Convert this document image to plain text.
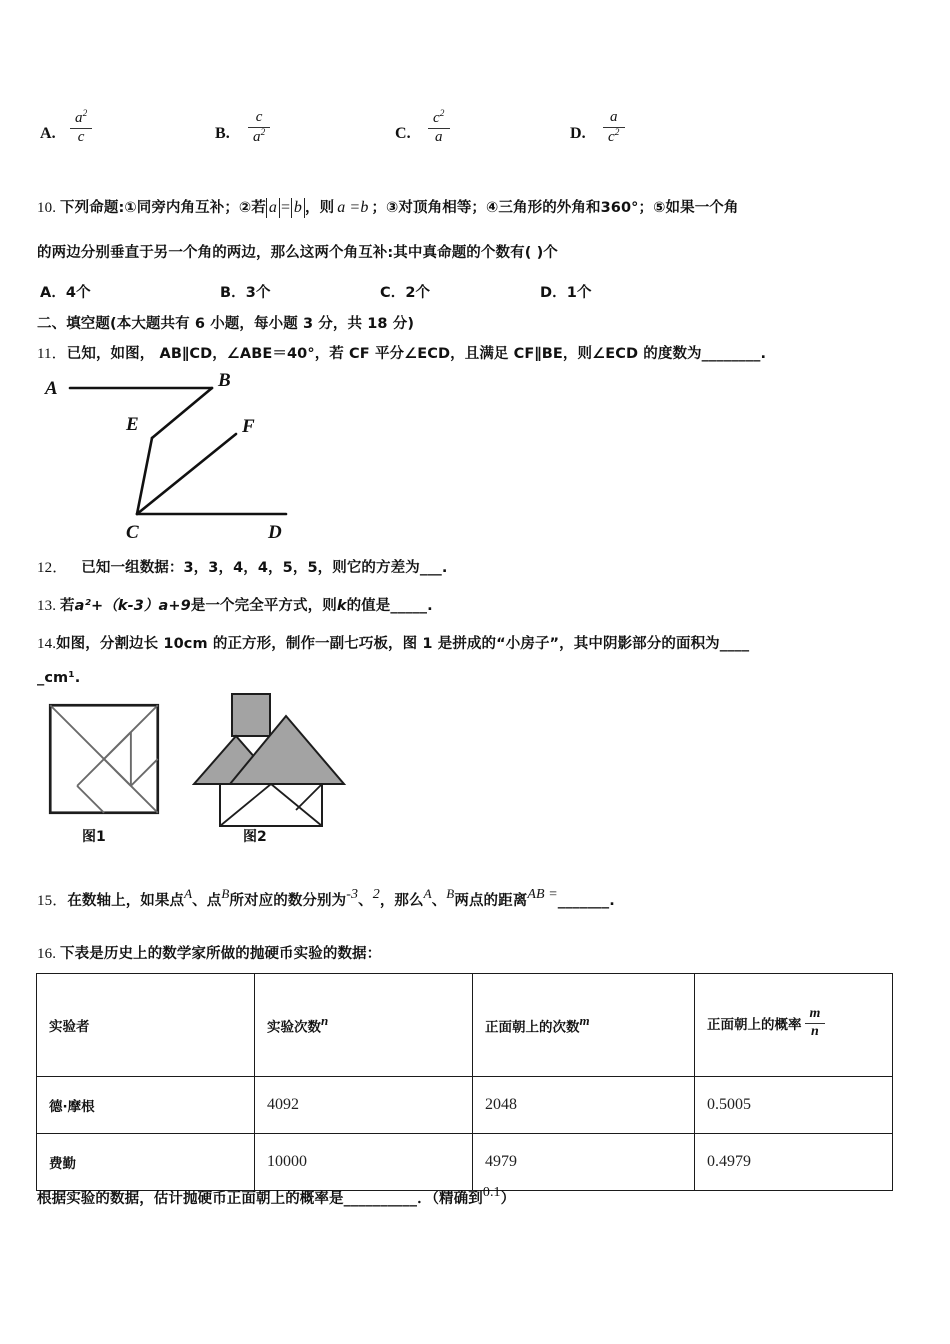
A. $\frac{a^2}{c}$	B. $\frac{c}{a^2}$	C. $\frac{c^2}{a}$	D. $\frac{a}{c^2}$
10. 下列命题:①同旁内角互补；②若 a = b ，则 a =b ；③对顶角相等；④三角形的外角和360°；⑤如果一个角
的两边分别垂直于另一个角的两边，那么这两个角互补:其中真命题的个数有( )个
A．4个	B．3个	C．2个	D．1个
二、填空题(本大题共有 6 小题，每小题 3 分，共 18 分)
11．已知，如图， AB∥CD，∠ABE＝40°，若 CF 平分∠ECD，且满足 CF∥BE，则∠ECD 的度数为________.
A	B
E	F
C	D
12． 已知一组数据：3，3，4，4，5，5，则它的方差为___.
13. 若a²+（k‑3）a+9是一个完全平方式，则k的值是_____.
14.如图，分割边长 10cm 的正方形，制作一副七巧板，图 1 是拼成的“小房子”，其中阴影部分的面积为____
_cm¹.
图1	图2
15．在数轴上，如果点$^A$、点$^B$所对应的数分别为-3、2，那么$^A$、$^B$两点的距离AB =_______.
16. 下表是历史上的数学家所做的抛硬币实验的数据：
实验者	实验次数n	正面朝上的次数m	正面朝上的概率 $\frac{m}{n}$

德·摩根	4092	2048	0.5005
费勤	10000	4979	0.4979
根据实验的数据，估计抛硬币正面朝上的概率是__________．（精确到0.1）
